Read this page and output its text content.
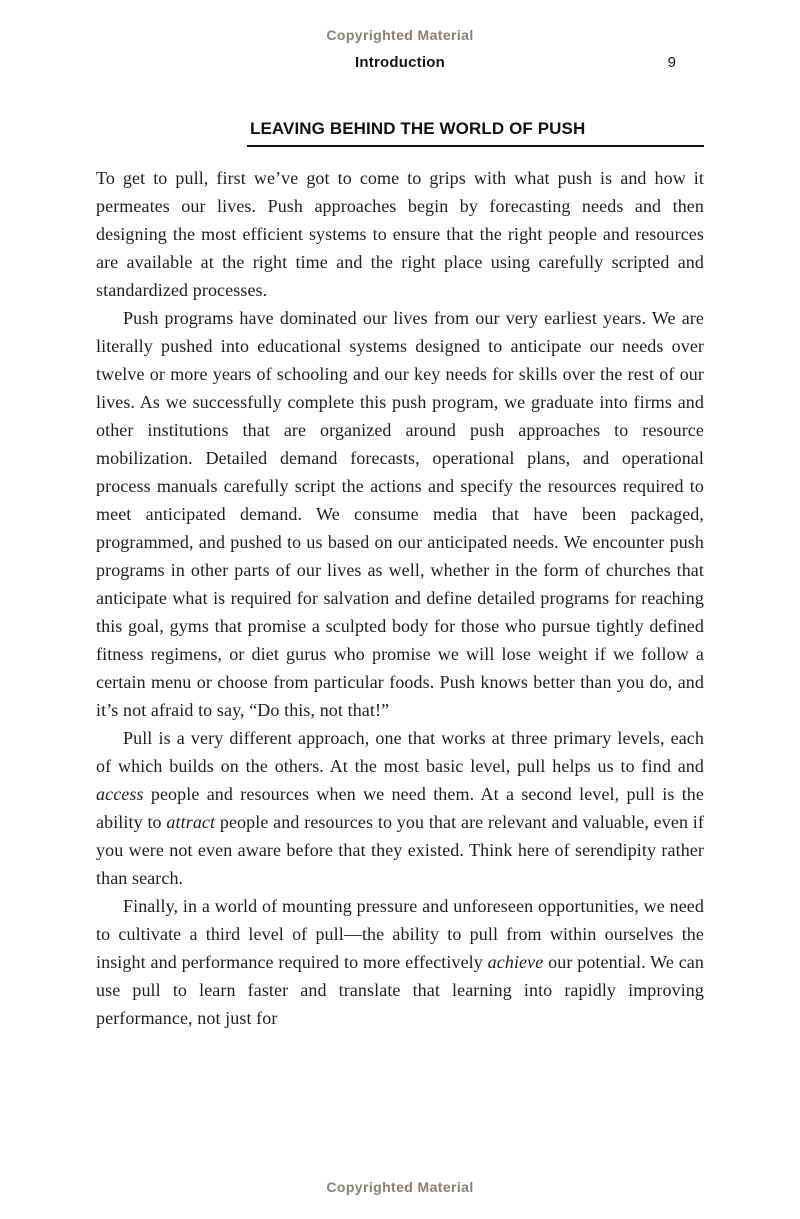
Copyrighted Material
Introduction	9
LEAVING BEHIND THE WORLD OF PUSH

To get to pull, first we’ve got to come to grips with what push is and how it permeates our lives. Push approaches begin by forecasting needs and then designing the most efficient systems to ensure that the right people and resources are available at the right time and the right place using carefully scripted and standardized processes.

Push programs have dominated our lives from our very earliest years. We are literally pushed into educational systems designed to anticipate our needs over twelve or more years of schooling and our key needs for skills over the rest of our lives. As we successfully complete this push program, we graduate into firms and other institutions that are organized around push approaches to resource mobilization. Detailed demand forecasts, operational plans, and operational process manuals carefully script the actions and specify the resources required to meet anticipated demand. We consume media that have been packaged, programmed, and pushed to us based on our anticipated needs. We encounter push programs in other parts of our lives as well, whether in the form of churches that anticipate what is required for salvation and define detailed programs for reaching this goal, gyms that promise a sculpted body for those who pursue tightly defined fitness regimens, or diet gurus who promise we will lose weight if we follow a certain menu or choose from particular foods. Push knows better than you do, and it’s not afraid to say, “Do this, not that!”

Pull is a very different approach, one that works at three primary levels, each of which builds on the others. At the most basic level, pull helps us to find and access people and resources when we need them. At a second level, pull is the ability to attract people and resources to you that are relevant and valuable, even if you were not even aware before that they existed. Think here of serendipity rather than search.

Finally, in a world of mounting pressure and unforeseen opportunities, we need to cultivate a third level of pull—the ability to pull from within ourselves the insight and performance required to more effectively achieve our potential. We can use pull to learn faster and translate that learning into rapidly improving performance, not just for

Copyrighted Material
